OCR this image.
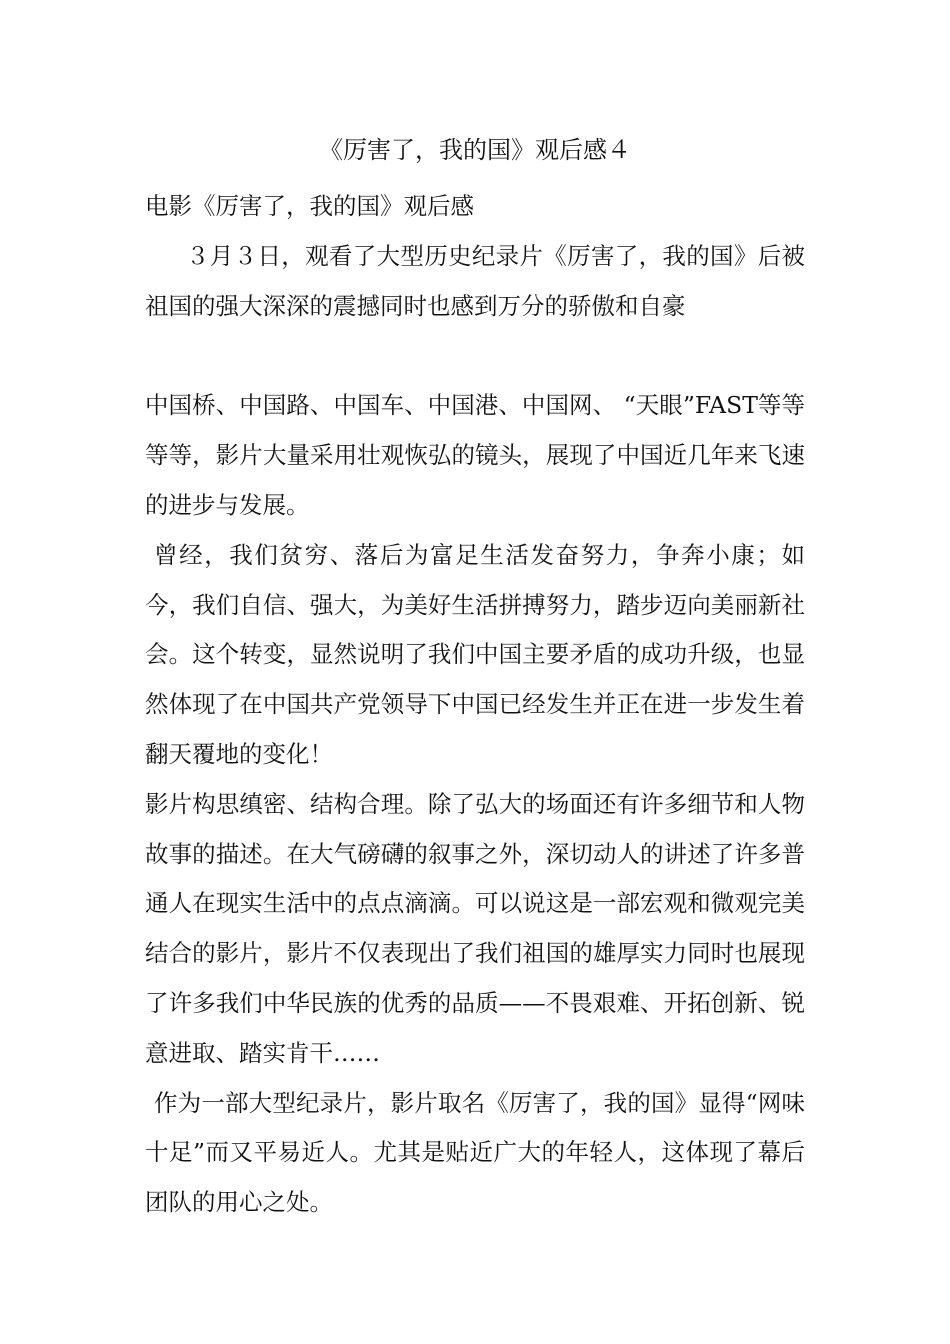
《厉害了，我的国》观后感４

电影《厉害了，我的国》观后感

３月３日，观看了大型历史纪录片《厉害了，我的国》后被祖国的强大深深的震撼同时也感到万分的骄傲和自豪

中国桥、中国路、中国车、中国港、中国网、 “天眼”FAST等等等等，影片大量采用壮观恢弘的镜头，展现了中国近几年来飞速的进步与发展。

曾经，我们贫穷、落后为富足生活发奋努力，争奔小康；如今，我们自信、强大，为美好生活拼搏努力，踏步迈向美丽新社会。这个转变，显然说明了我们中国主要矛盾的成功升级，也显然体现了在中国共产党领导下中国已经发生并正在进一步发生着翻天覆地的变化！

影片构思缜密、结构合理。除了弘大的场面还有许多细节和人物故事的描述。在大气磅礴的叙事之外，深切动人的讲述了许多普通人在现实生活中的点点滴滴。可以说这是一部宏观和微观完美结合的影片，影片不仅表现出了我们祖国的雄厚实力同时也展现了许多我们中华民族的优秀的品质——不畏艰难、开拓创新、锐意进取、踏实肯干……

作为一部大型纪录片，影片取名《厉害了，我的国》显得“网味十足”而又平易近人。尤其是贴近广大的年轻人，这体现了幕后团队的用心之处。
